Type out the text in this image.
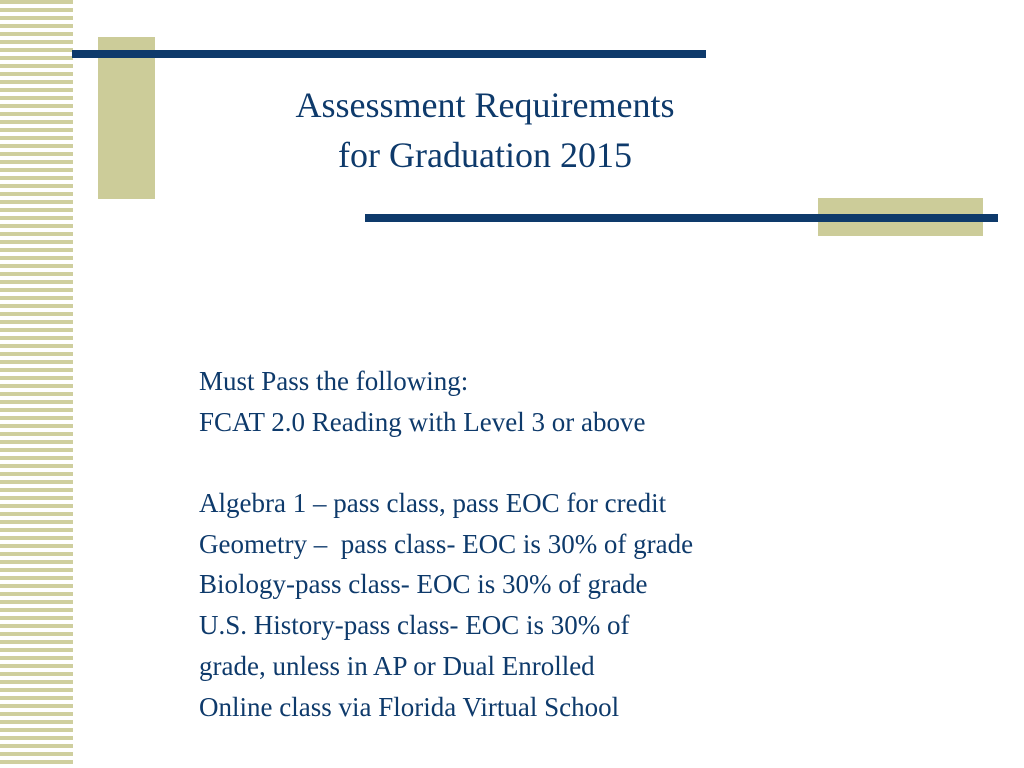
Assessment Requirements
for Graduation 2015
Must Pass the following:
FCAT 2.0 Reading with Level 3 or above
Algebra 1 – pass class, pass EOC for credit
Geometry –  pass class- EOC is 30% of grade
Biology-pass class- EOC is 30% of grade
U.S. History-pass class- EOC is 30% of
grade, unless in AP or Dual Enrolled
Online class via Florida Virtual School
